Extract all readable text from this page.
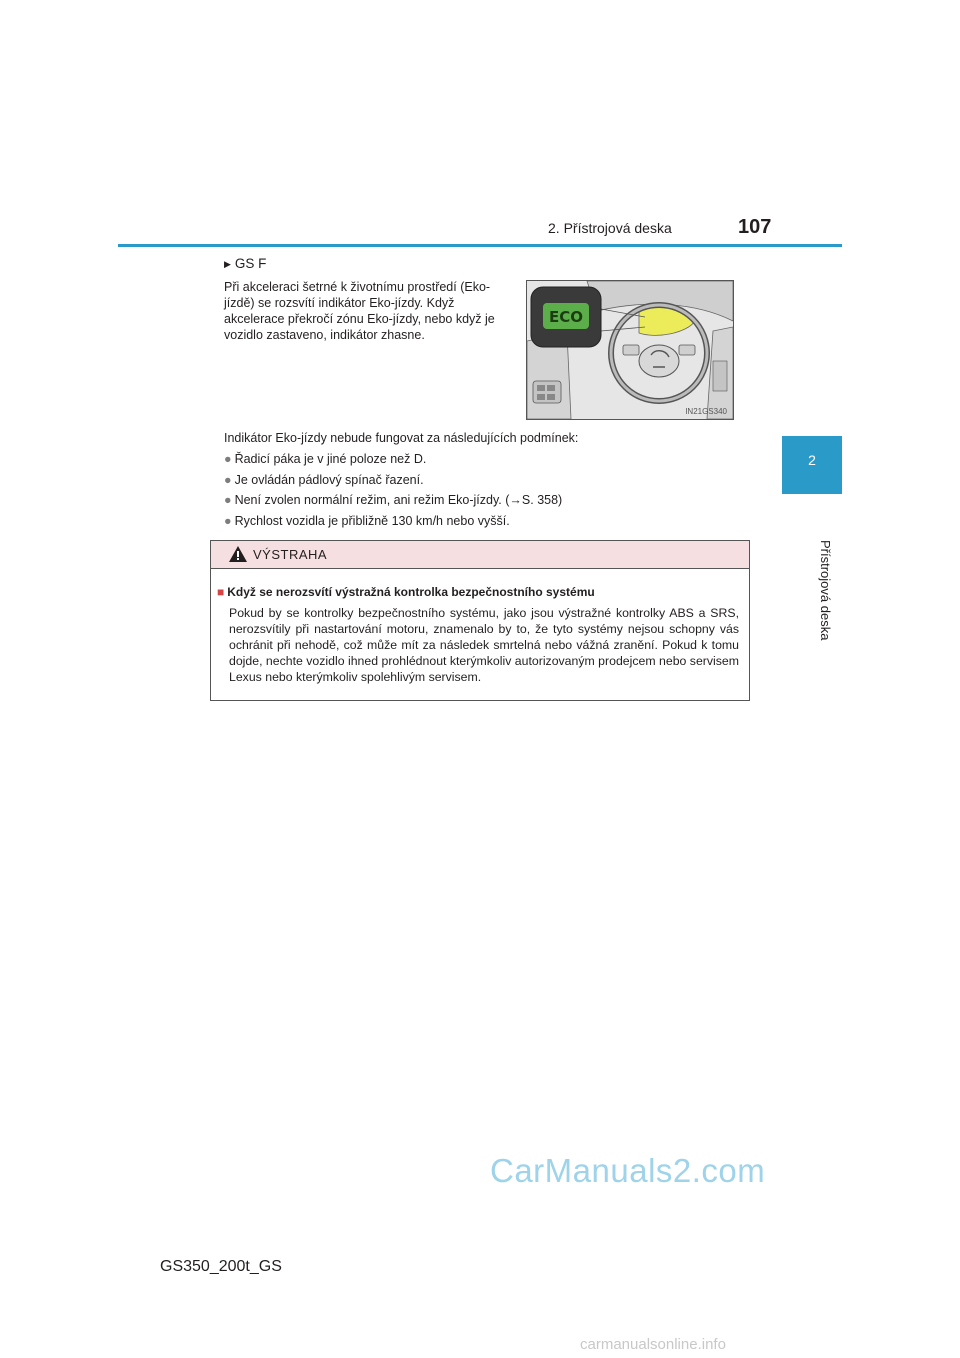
2. Přístrojová deska	107
2
Přístrojová deska
▶ GS F
Při akceleraci šetrné k životnímu prostředí (Eko-jízdě) se rozsvítí indikátor Eko-jízdy. Když akcelerace překročí zónu Eko-jízdy, nebo když je vozidlo zastaveno, indikátor zhasne.
ECO
IN21GS340
Indikátor Eko-jízdy nebude fungovat za následujících podmínek:
● Řadicí páka je v jiné poloze než D.
● Je ovládán pádlový spínač řazení.
● Není zvolen normální režim, ani režim Eko-jízdy. (→S. 358)
● Rychlost vozidla je přibližně 130 km/h nebo vyšší.
VÝSTRAHA
■ Když se nerozsvítí výstražná kontrolka bezpečnostního systému
Pokud by se kontrolky bezpečnostního systému, jako jsou výstražné kontrolky ABS a SRS, nerozsvítily při nastartování motoru, znamenalo by to, že tyto systémy nejsou schopny vás ochránit při nehodě, což může mít za následek smrtelná nebo vážná zranění. Pokud k tomu dojde, nechte vozidlo ihned prohlédnout kterýmkoliv autorizovaným prodejcem nebo servisem Lexus nebo kterýmkoliv spolehlivým servisem.
GS350_200t_GS
CarManuals2.com
carmanualsonline.info
